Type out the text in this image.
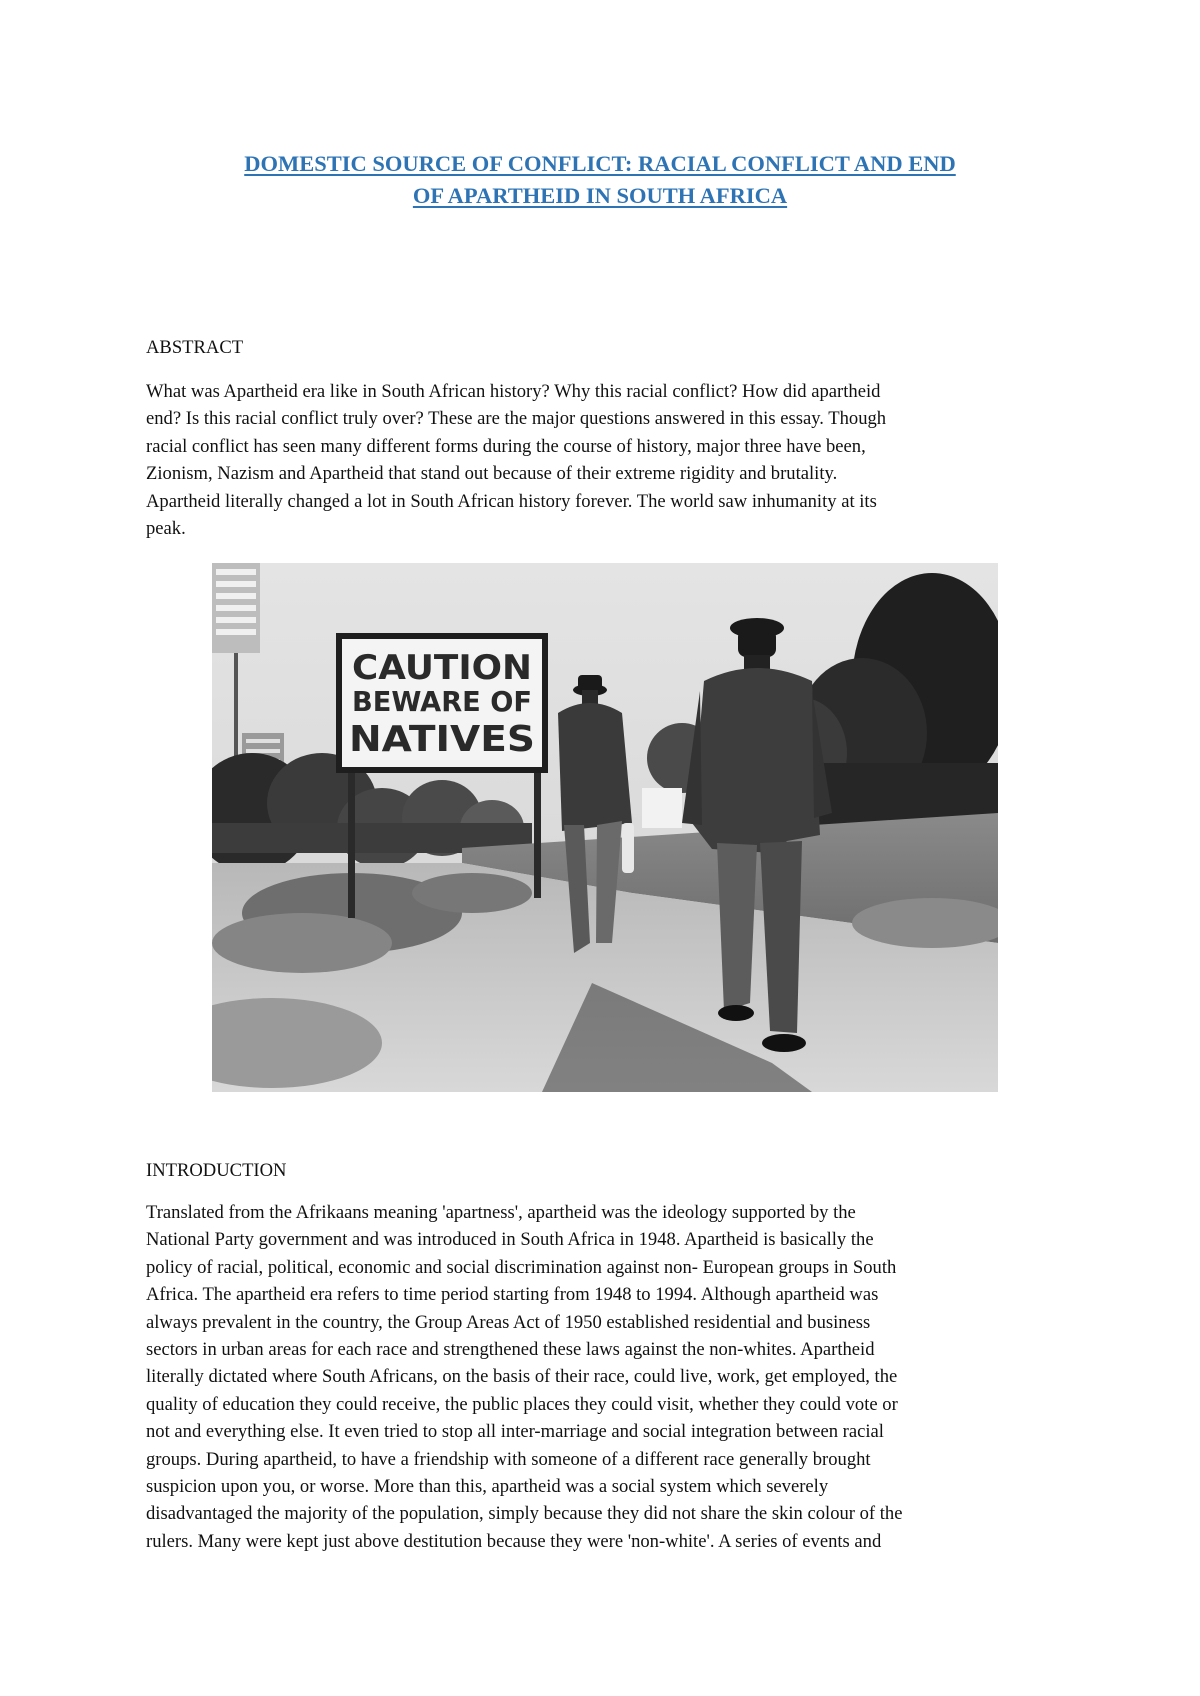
DOMESTIC SOURCE OF CONFLICT: RACIAL CONFLICT AND END
OF APARTHEID IN SOUTH AFRICA
ABSTRACT
What was Apartheid era like in South African history? Why this racial conflict? How did apartheid
end? Is this racial conflict truly over? These are the major questions answered in this essay. Though
racial conflict has seen many different forms during the course of history, major three have been,
Zionism, Nazism and Apartheid that stand out because of their extreme rigidity and brutality.
Apartheid literally changed a lot in South African history forever. The world saw inhumanity at its
peak.
CAUTION
BEWARE OF
NATIVES
INTRODUCTION
Translated from the Afrikaans meaning 'apartness', apartheid was the ideology supported by the
National Party government and was introduced in South Africa in 1948. Apartheid is basically the
policy of racial, political, economic and social discrimination against non- European groups in South
Africa. The apartheid era refers to time period starting from 1948 to 1994. Although apartheid was
always prevalent in the country, the Group Areas Act of 1950 established residential and business
sectors in urban areas for each race and strengthened these laws against the non-whites. Apartheid
literally dictated where South Africans, on the basis of their race, could live, work, get employed, the
quality of education they could receive, the public places they could visit, whether they could vote or
not and everything else. It even tried to stop all inter-marriage and social integration between racial
groups. During apartheid, to have a friendship with someone of a different race generally brought
suspicion upon you, or worse. More than this, apartheid was a social system which severely
disadvantaged the majority of the population, simply because they did not share the skin colour of the
rulers. Many were kept just above destitution because they were 'non-white'. A series of events and
